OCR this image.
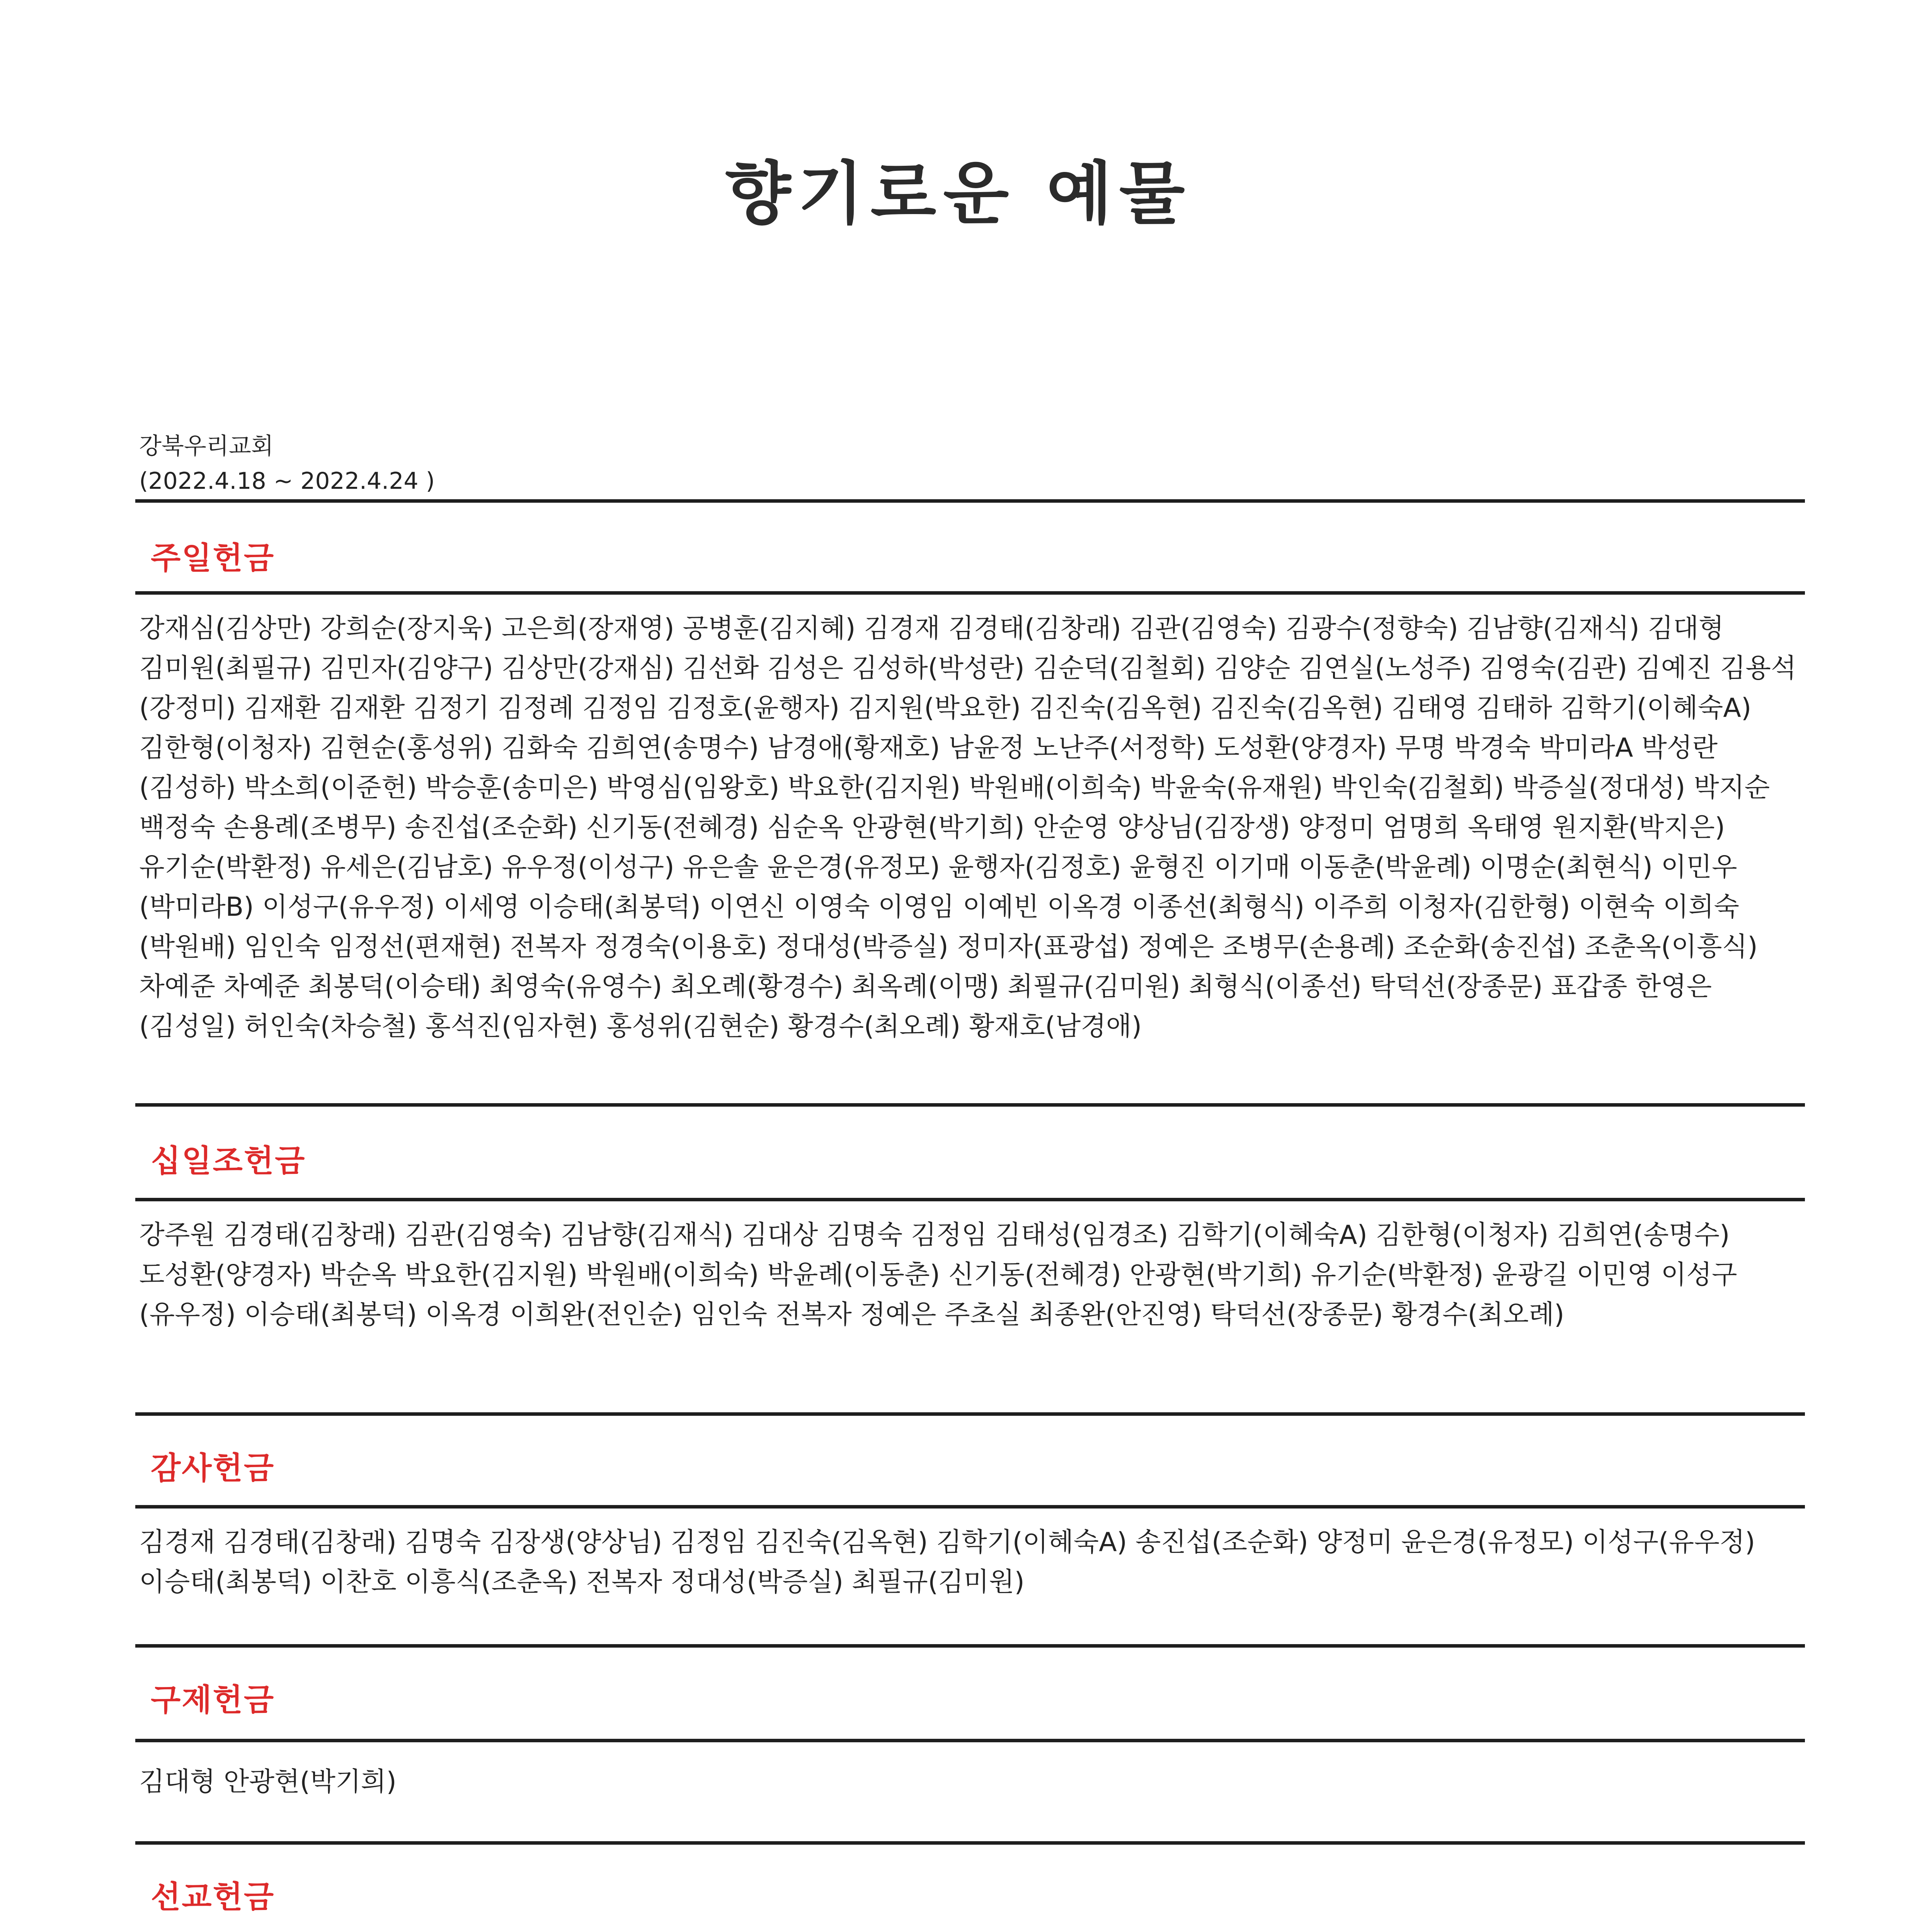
향기로운 예물
강북우리교회
(2022.4.18 ~ 2022.4.24 )
주일헌금
강재심(김상만) 강희순(장지욱) 고은희(장재영) 공병훈(김지혜) 김경재 김경태(김창래) 김관(김영숙) 김광수(정향숙) 김남향(김재식) 김대형 김미원(최필규) 김민자(김양구) 김상만(강재심) 김선화 김성은 김성하(박성란) 김순덕(김철회) 김양순 김연실(노성주) 김영숙(김관) 김예진 김용석(강정미) 김재환 김재환 김정기 김정례 김정임 김정호(윤행자) 김지원(박요한) 김진숙(김옥현) 김진숙(김옥현) 김태영 김태하 김학기(이혜숙A) 김한형(이청자) 김현순(홍성위) 김화숙 김희연(송명수) 남경애(황재호) 남윤정 노난주(서정학) 도성환(양경자) 무명 박경숙 박미라A 박성란(김성하) 박소희(이준헌) 박승훈(송미은) 박영심(임왕호) 박요한(김지원) 박원배(이희숙) 박윤숙(유재원) 박인숙(김철회) 박증실(정대성) 박지순 백정숙 손용례(조병무) 송진섭(조순화) 신기동(전혜경) 심순옥 안광현(박기희) 안순영 양상님(김장생) 양정미 엄명희 옥태영 원지환(박지은) 유기순(박환정) 유세은(김남호) 유우정(이성구) 유은솔 윤은경(유정모) 윤행자(김정호) 윤형진 이기매 이동춘(박윤례) 이명순(최현식) 이민우(박미라B) 이성구(유우정) 이세영 이승태(최봉덕) 이연신 이영숙 이영임 이예빈 이옥경 이종선(최형식) 이주희 이청자(김한형) 이현숙 이희숙(박원배) 임인숙 임정선(편재현) 전복자 정경숙(이용호) 정대성(박증실) 정미자(표광섭) 정예은 조병무(손용례) 조순화(송진섭) 조춘옥(이흥식) 차예준 차예준 최봉덕(이승태) 최영숙(유영수) 최오례(황경수) 최옥례(이맹) 최필규(김미원) 최형식(이종선) 탁덕선(장종문) 표갑종 한영은(김성일) 허인숙(차승철) 홍석진(임자현) 홍성위(김현순) 황경수(최오례) 황재호(남경애)
십일조헌금
강주원 김경태(김창래) 김관(김영숙) 김남향(김재식) 김대상 김명숙 김정임 김태성(임경조) 김학기(이혜숙A) 김한형(이청자) 김희연(송명수) 도성환(양경자) 박순옥 박요한(김지원) 박원배(이희숙) 박윤례(이동춘) 신기동(전혜경) 안광현(박기희) 유기순(박환정) 윤광길 이민영 이성구(유우정) 이승태(최봉덕) 이옥경 이희완(전인순) 임인숙 전복자 정예은 주초실 최종완(안진영) 탁덕선(장종문) 황경수(최오례)
감사헌금
김경재 김경태(김창래) 김명숙 김장생(양상님) 김정임 김진숙(김옥현) 김학기(이혜숙A) 송진섭(조순화) 양정미 윤은경(유정모) 이성구(유우정) 이승태(최봉덕) 이찬호 이흥식(조춘옥) 전복자 정대성(박증실) 최필규(김미원)
구제헌금
김대형 안광현(박기희)
선교헌금
